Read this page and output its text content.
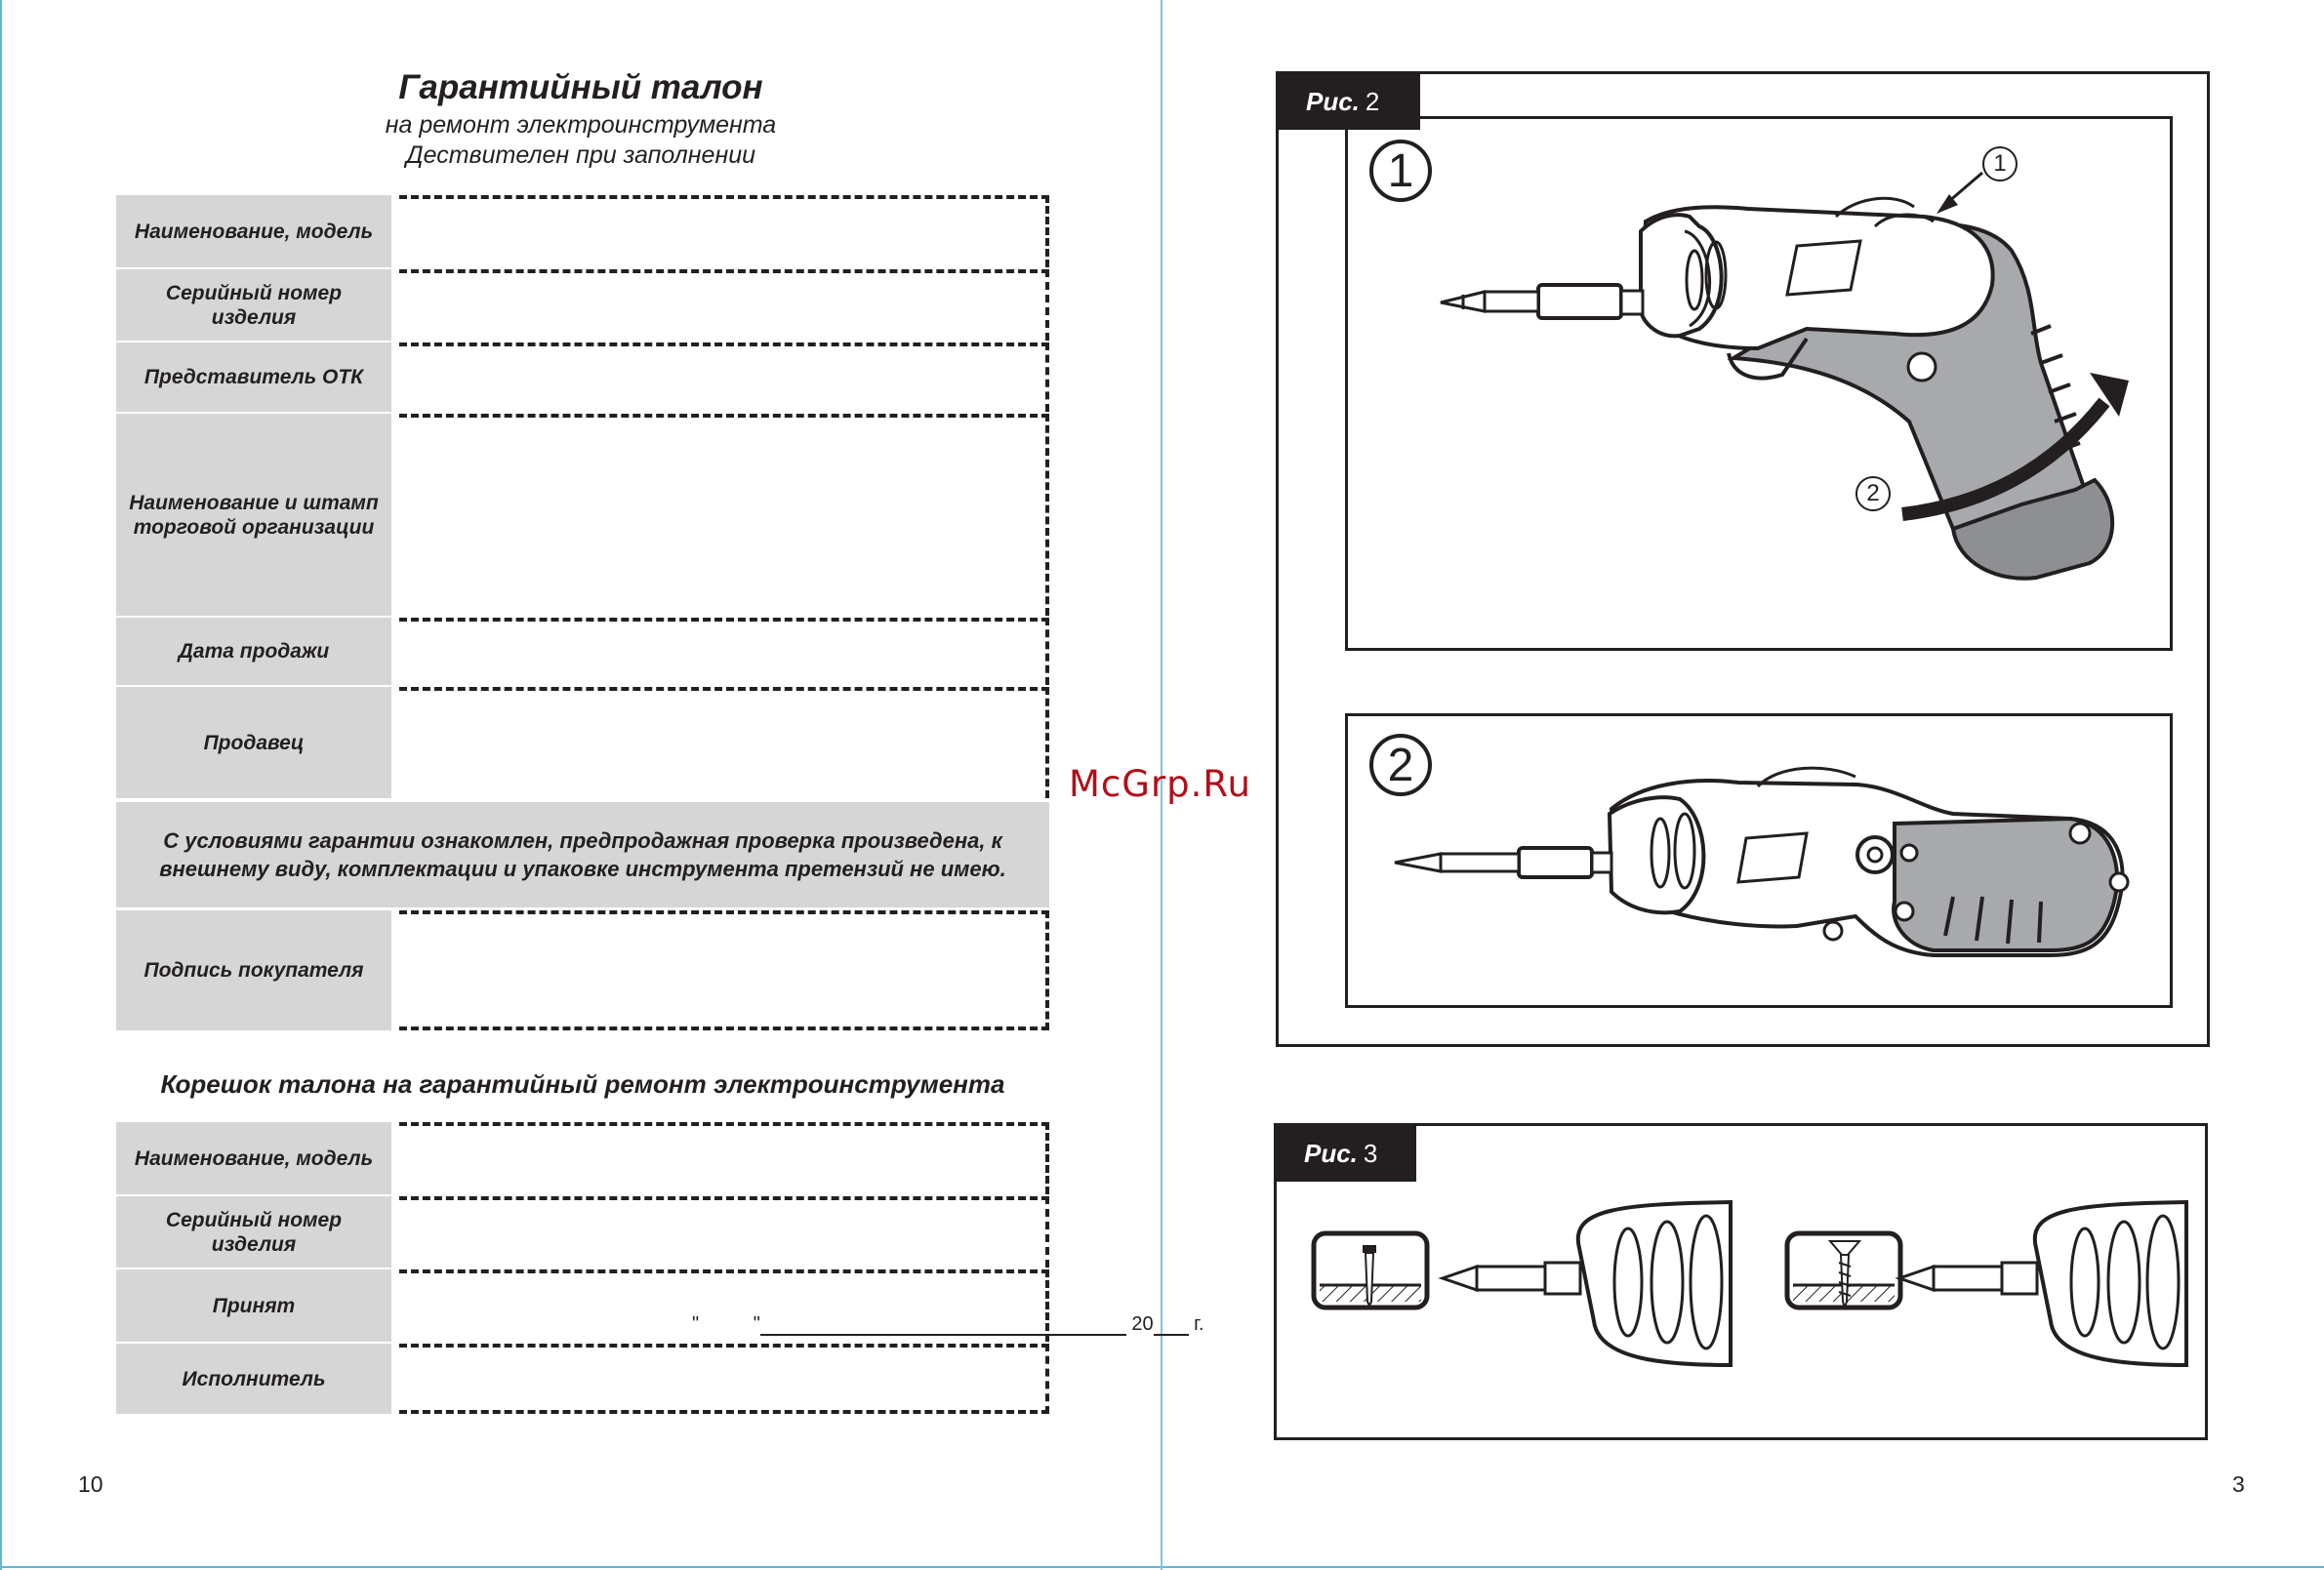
Гарантийный талон
на ремонт электроинструмента
Дествителен при заполнении
Наименование, модель
Серийный номер изделия
Представитель ОТК
Наименование и штамп торговой организации
Дата продажи
Продавец
С условиями гарантии ознакомлен, предпродажная проверка произведена, к внешнему виду, комплектации и упаковке инструмента претензий не имею.
Подпись покупателя
Корешок талона на гарантийный ремонт электроинструмента
Наименование, модель
Серийный номер изделия
Принят
"	"	20 г.
Исполнитель
10
McGrp.Ru
Рис. 2
1	1
2
2
Рис. 3
3
